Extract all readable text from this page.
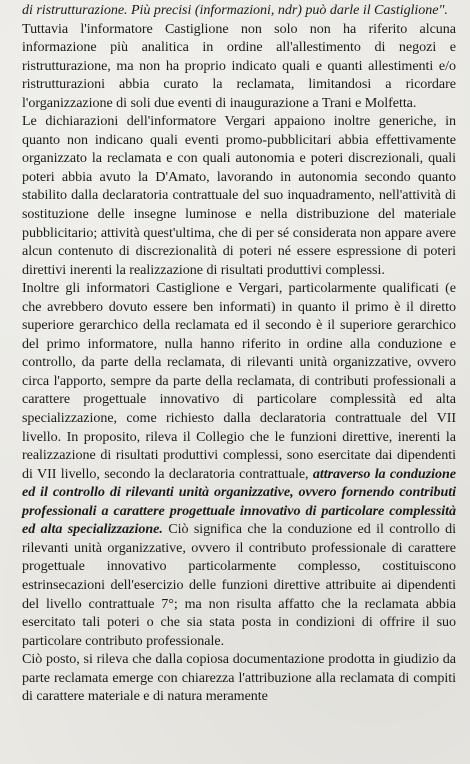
di ristrutturazione. Più precisi (informazioni, ndr) può darle il Castiglione".

Tuttavia l'informatore Castiglione non solo non ha riferito alcuna informazione più analitica in ordine all'allestimento di negozi e ristrutturazione, ma non ha proprio indicato quali e quanti allestimenti e/o ristrutturazioni abbia curato la reclamata, limitandosi a ricordare l'organizzazione di soli due eventi di inaugurazione a Trani e Molfetta.

Le dichiarazioni dell'informatore Vergari appaiono inoltre generiche, in quanto non indicano quali eventi promo-pubblicitari abbia effettivamente organizzato la reclamata e con quali autonomia e poteri discrezionali, quali poteri abbia avuto la D'Amato, lavorando in autonomia secondo quanto stabilito dalla declaratoria contrattuale del suo inquadramento, nell'attività di sostituzione delle insegne luminose e nella distribuzione del materiale pubblicitario; attività quest'ultima, che di per sé considerata non appare avere alcun contenuto di discrezionalità di poteri né essere espressione di poteri direttivi inerenti la realizzazione di risultati produttivi complessi.

Inoltre gli informatori Castiglione e Vergari, particolarmente qualificati (e che avrebbero dovuto essere ben informati) in quanto il primo è il diretto superiore gerarchico della reclamata ed il secondo è il superiore gerarchico del primo informatore, nulla hanno riferito in ordine alla conduzione e controllo, da parte della reclamata, di rilevanti unità organizzative, ovvero circa l'apporto, sempre da parte della reclamata, di contributi professionali a carattere progettuale innovativo di particolare complessità ed alta specializzazione, come richiesto dalla declaratoria contrattuale del VII livello. In proposito, rileva il Collegio che le funzioni direttive, inerenti la realizzazione di risultati produttivi complessi, sono esercitate dai dipendenti di VII livello, secondo la declaratoria contrattuale, attraverso la conduzione ed il controllo di rilevanti unità organizzative, ovvero fornendo contributi professionali a carattere progettuale innovativo di particolare complessità ed alta specializzazione. Ciò significa che la conduzione ed il controllo di rilevanti unità organizzative, ovvero il contributo professionale di carattere progettuale innovativo particolarmente complesso, costituiscono estrinsecazioni dell'esercizio delle funzioni direttive attribuite ai dipendenti del livello contrattuale 7°; ma non risulta affatto che la reclamata abbia esercitato tali poteri o che sia stata posta in condizioni di offrire il suo particolare contributo professionale.

Ciò posto, si rileva che dalla copiosa documentazione prodotta in giudizio da parte reclamata emerge con chiarezza l'attribuzione alla reclamata di compiti di carattere materiale e di natura meramente
